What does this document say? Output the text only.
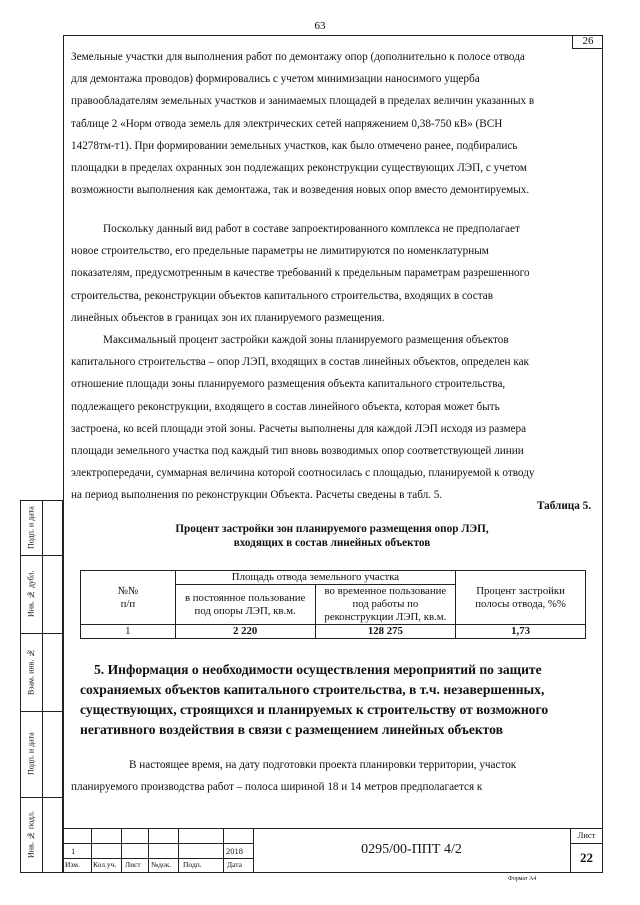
63
26

Земельные участки для выполнения работ по демонтажу опор (дополнительно к полосе отвода

для демонтажа проводов) формировались с учетом минимизации наносимого ущерба

правообладателям земельных участков и занимаемых площадей в пределах величин указанных в

таблице 2 «Норм отвода земель для электрических сетей напряжением 0,38-750 кВ» (ВСН

14278тм-т1). При формировании земельных участков, как было отмечено ранее, подбирались

площадки в пределах охранных зон подлежащих реконструкции существующих ЛЭП, с учетом

возможности выполнения как демонтажа, так и возведения новых опор вместо демонтируемых.

Поскольку данный вид работ в составе запроектированного комплекса не предполагает

новое строительство, его предельные параметры не лимитируются по номенклатурным

показателям, предусмотренным в качестве требований к предельным параметрам разрешенного

строительства, реконструкции объектов капитального строительства, входящих в состав

линейных объектов в границах зон их планируемого размещения.

Максимальный процент застройки каждой зоны планируемого размещения объектов

капитального строительства – опор ЛЭП, входящих в состав линейных объектов, определен как

отношение площади зоны планируемого размещения объекта капитального строительства,

подлежащего реконструкции, входящего в состав линейного объекта, которая может быть

застроена, ко всей площади этой зоны. Расчеты выполнены для каждой ЛЭП исходя из размера

площади земельного участка под каждый тип вновь возводимых опор соответствующей линии

электропередачи, суммарная величина которой соотносилась с площадью, планируемой к отводу

на период выполнения по реконструкции Объекта. Расчеты сведены в табл. 5.

Таблица 5.
Процент застройки зон планируемого размещения опор ЛЭП,
входящих в состав линейных объектов
№№
п/п	Площадь отвода земельного участка		Процент застройки полосы отвода, %%
	в постоянное пользование под опоры ЛЭП, кв.м.	во временное пользование под работы по реконструкции ЛЭП, кв.м.	
1	2 220	128 275	1,73
5. Информация о необходимости осуществления мероприятий по защите
сохраняемых объектов капитального строительства, в т.ч. незавершенных,
существующих, строящихся и планируемых к строительству от возможного
негативного воздействия в связи с размещением линейных объектов

В настоящее время, на дату подготовки проекта планировки территории, участок

планируемого производства работ – полоса шириной 18 и 14 метров предполагается к

Подп. и дата
Инв. № дубл.
Взам. инв. №
Подп. и дата
Инв. № подл.	1	2018
Изм. Кол.уч. Лист №док. Подп.	Дата
0295/00-ППТ 4/2
Лист
22
Формат А4
